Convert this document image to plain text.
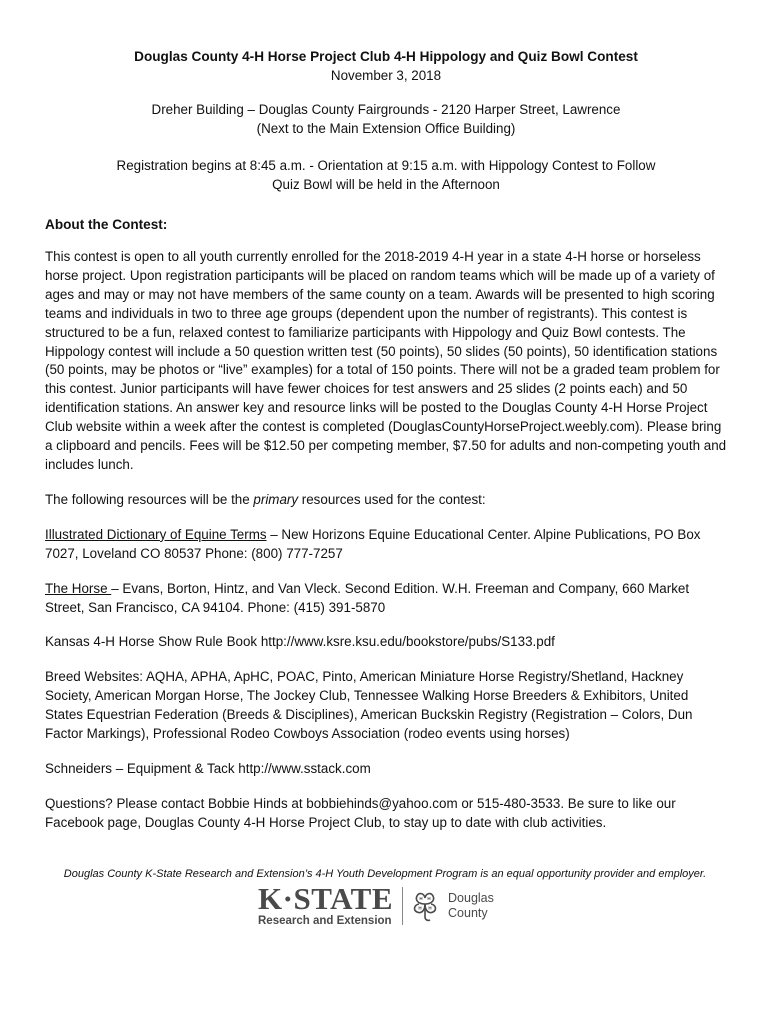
Douglas County 4-H Horse Project Club 4-H Hippology and Quiz Bowl Contest

November 3, 2018

Dreher Building – Douglas County Fairgrounds - 2120 Harper Street, Lawrence

(Next to the Main Extension Office Building)

Registration begins at 8:45 a.m. - Orientation at 9:15 a.m. with Hippology Contest to Follow

Quiz Bowl will be held in the Afternoon

About the Contest:

This contest is open to all youth currently enrolled for the 2018-2019 4-H year in a state 4-H horse or horseless horse project. Upon registration participants will be placed on random teams which will be made up of a variety of ages and may or may not have members of the same county on a team. Awards will be presented to high scoring teams and individuals in two to three age groups (dependent upon the number of registrants). This contest is structured to be a fun, relaxed contest to familiarize participants with Hippology and Quiz Bowl contests. The Hippology contest will include a 50 question written test (50 points), 50 slides (50 points), 50 identification stations (50 points, may be photos or “live” examples) for a total of 150 points. There will not be a graded team problem for this contest. Junior participants will have fewer choices for test answers and 25 slides (2 points each) and 50 identification stations. An answer key and resource links will be posted to the Douglas County 4-H Horse Project Club website within a week after the contest is completed (DouglasCountyHorseProject.weebly.com). Please bring a clipboard and pencils. Fees will be $12.50 per competing member, $7.50 for adults and non-competing youth and includes lunch.

The following resources will be the primary resources used for the contest:

Illustrated Dictionary of Equine Terms – New Horizons Equine Educational Center. Alpine Publications, PO Box 7027, Loveland CO 80537 Phone: (800) 777-7257

The Horse – Evans, Borton, Hintz, and Van Vleck. Second Edition. W.H. Freeman and Company, 660 Market Street, San Francisco, CA 94104. Phone: (415) 391-5870

Kansas 4-H Horse Show Rule Book http://www.ksre.ksu.edu/bookstore/pubs/S133.pdf

Breed Websites: AQHA, APHA, ApHC, POAC, Pinto, American Miniature Horse Registry/Shetland, Hackney Society, American Morgan Horse, The Jockey Club, Tennessee Walking Horse Breeders & Exhibitors, United States Equestrian Federation (Breeds & Disciplines), American Buckskin Registry (Registration – Colors, Dun Factor Markings), Professional Rodeo Cowboys Association (rodeo events using horses)

Schneiders – Equipment & Tack http://www.sstack.com

Questions? Please contact Bobbie Hinds at bobbiehinds@yahoo.com or 515-480-3533. Be sure to like our Facebook page, Douglas County 4-H Horse Project Club, to stay up to date with club activities.

Douglas County K-State Research and Extension’s 4-H Youth Development Program is an equal opportunity provider and employer.

K·STATE
Research and Extension
H H
H H
Douglas
County
